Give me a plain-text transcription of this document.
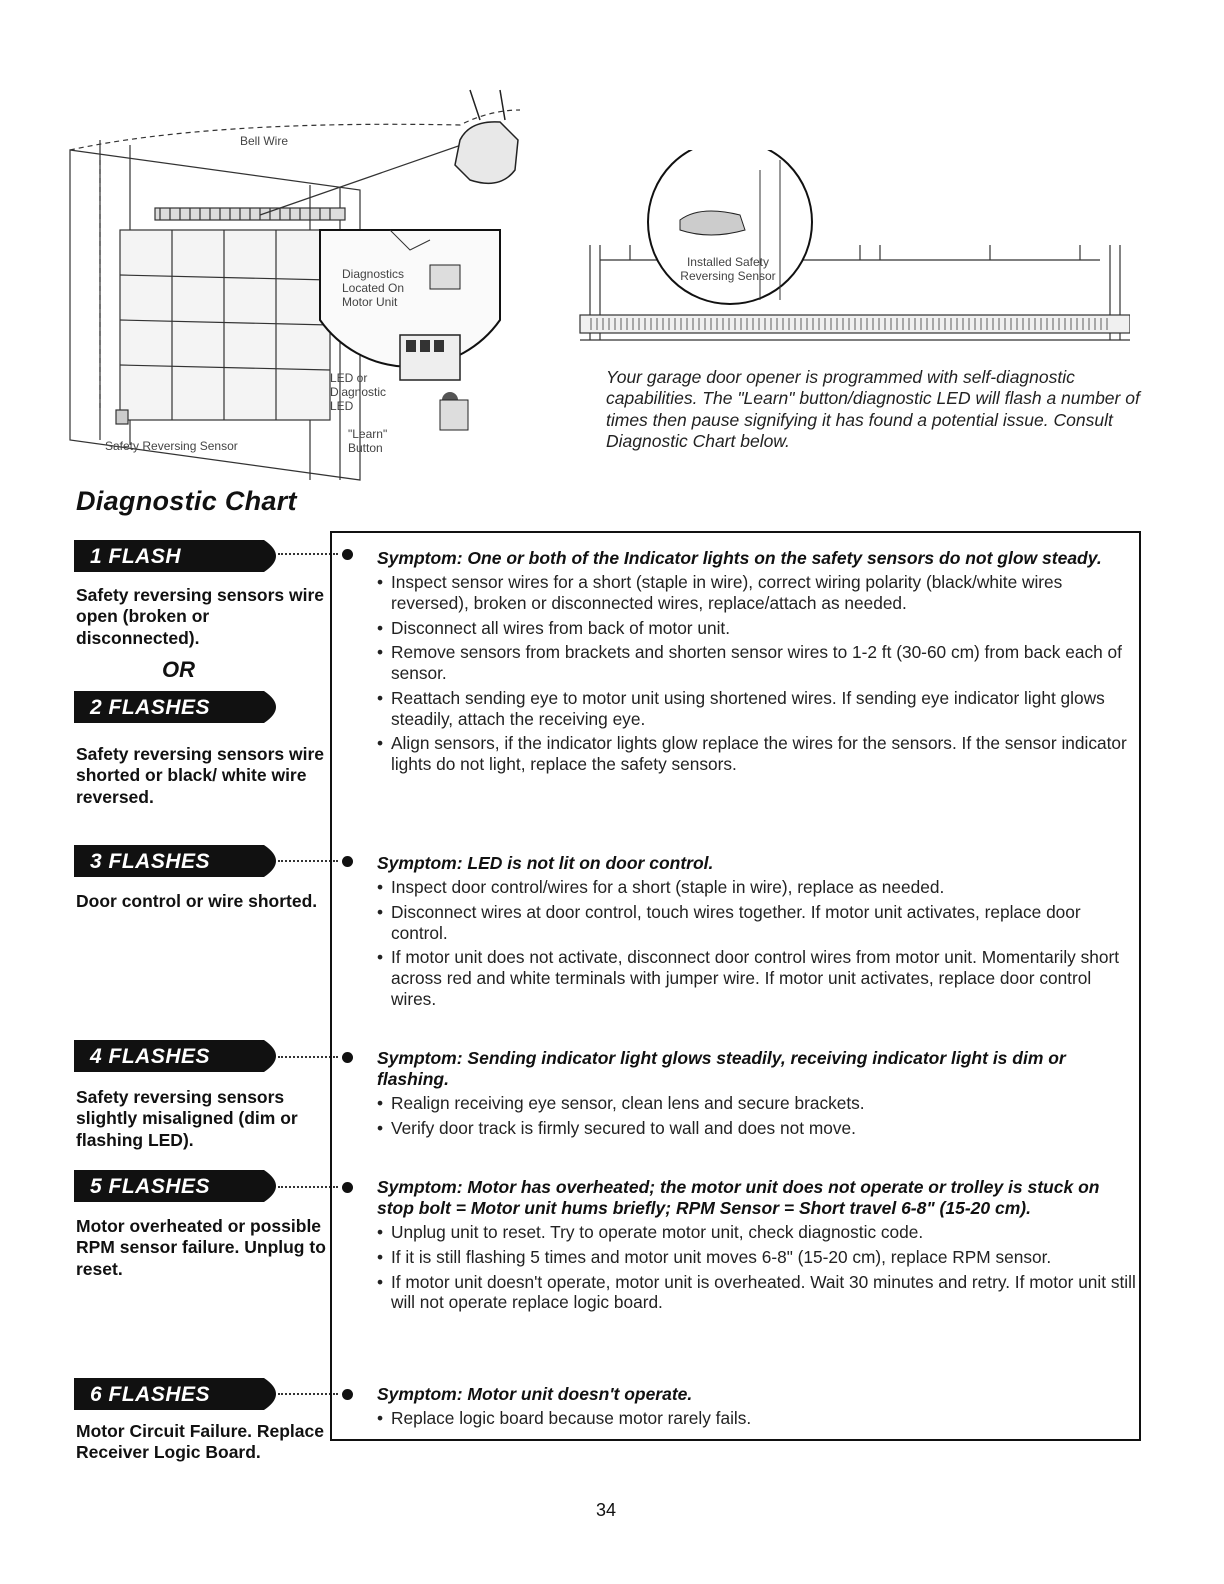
Bell Wire
Safety Reversing Sensor
Diagnostics Located On Motor Unit
LED or Diagnostic LED
"Learn" Button
Installed Safety Reversing Sensor
Your garage door opener is programmed with self-diagnostic capabilities. The "Learn" button/diagnostic LED will flash a number of times then pause signifying it has found a potential issue. Consult Diagnostic Chart below.
Diagnostic Chart
1 FLASH

Safety reversing sensors wire open (broken or disconnected).

OR
2 FLASHES

Safety reversing sensors wire shorted or black/ white wire reversed.

3 FLASHES

Door control or wire shorted.

4 FLASHES

Safety reversing sensors slightly misaligned (dim or flashing LED).

5 FLASHES

Motor overheated or possible RPM sensor failure. Unplug to reset.

6 FLASHES

Motor Circuit Failure. Replace Receiver Logic Board.

Symptom: One or both of the Indicator lights on the safety sensors do not glow steady.

• Inspect sensor wires for a short (staple in wire), correct wiring polarity (black/white wires reversed), broken or disconnected wires, replace/attach as needed.
• Disconnect all wires from back of motor unit.
• Remove sensors from brackets and shorten sensor wires to 1-2 ft (30-60 cm) from back each of sensor.
• Reattach sending eye to motor unit using shortened wires. If sending eye indicator light glows steadily, attach the receiving eye.
• Align sensors, if the indicator lights glow replace the wires for the sensors. If the sensor indicator lights do not light, replace the safety sensors.

Symptom: LED is not lit on door control.

• Inspect door control/wires for a short (staple in wire), replace as needed.
• Disconnect wires at door control, touch wires together. If motor unit activates, replace door control.
• If motor unit does not activate, disconnect door control wires from motor unit. Momentarily short across red and white terminals with jumper wire. If motor unit activates, replace door control wires.

Symptom: Sending indicator light glows steadily, receiving indicator light is dim or flashing.

• Realign receiving eye sensor, clean lens and secure brackets.
• Verify door track is firmly secured to wall and does not move.

Symptom: Motor has overheated; the motor unit does not operate or trolley is stuck on stop bolt = Motor unit hums briefly; RPM Sensor = Short travel 6-8" (15-20 cm).

• Unplug unit to reset. Try to operate motor unit, check diagnostic code.
• If it is still flashing 5 times and motor unit moves 6-8" (15-20 cm), replace RPM sensor.
• If motor unit doesn't operate, motor unit is overheated. Wait 30 minutes and retry. If motor unit still will not operate replace logic board.

Symptom: Motor unit doesn't operate.

• Replace logic board because motor rarely fails.
34
